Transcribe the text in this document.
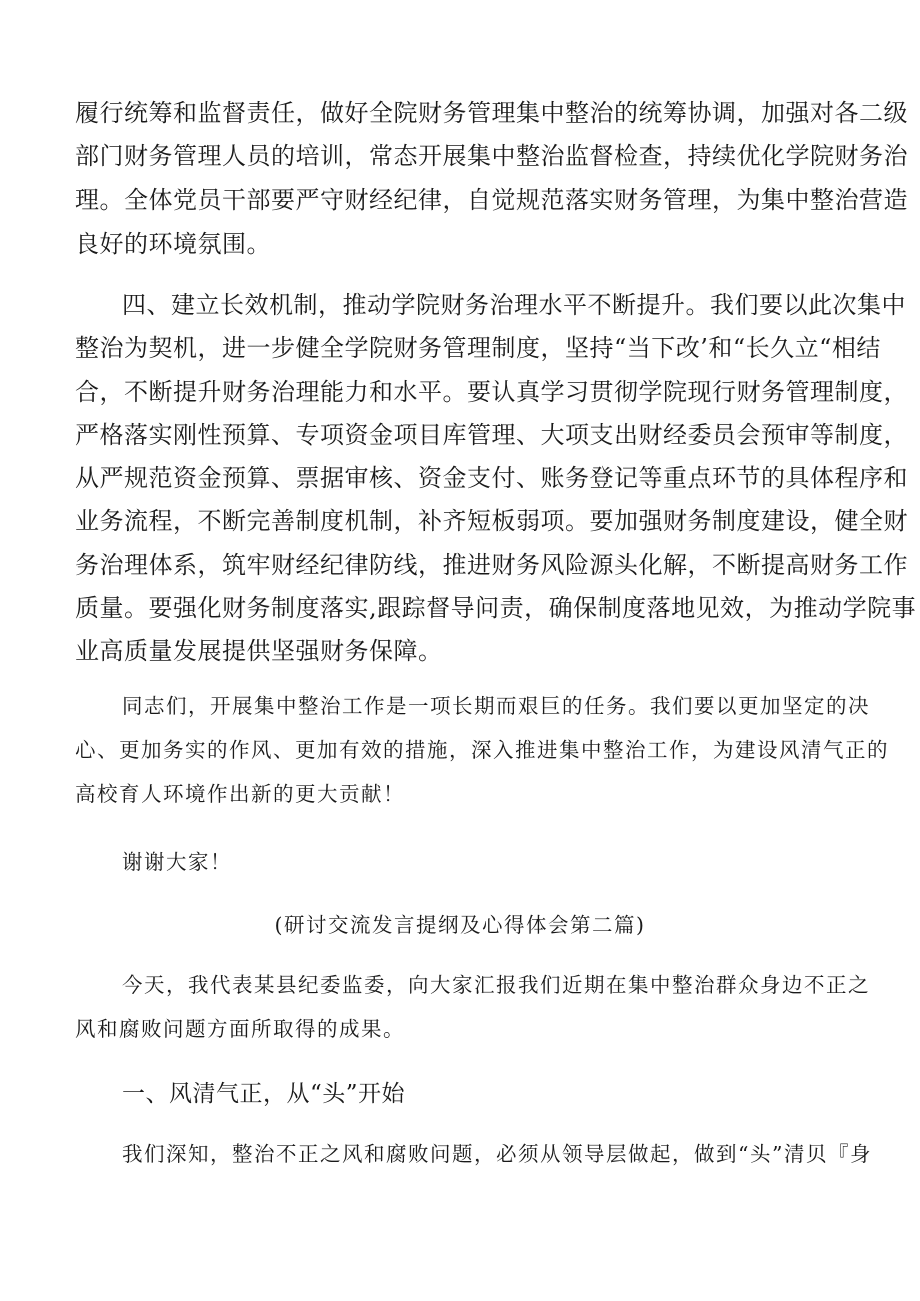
履行统筹和监督责任，做好全院财务管理集中整治的统筹协调，加强对各二级
部门财务管理人员的培训，常态开展集中整治监督检查，持续优化学院财务治
理。全体党员干部要严守财经纪律，自觉规范落实财务管理，为集中整治营造
良好的环境氛围。
四、建立长效机制，推动学院财务治理水平不断提升。我们要以此次集中
整治为契机，进一步健全学院财务管理制度，坚持“当下改’和“长久立“相结
合，不断提升财务治理能力和水平。要认真学习贯彻学院现行财务管理制度，
严格落实刚性预算、专项资金项目库管理、大项支出财经委员会预审等制度，
从严规范资金预算、票据审核、资金支付、账务登记等重点环节的具体程序和
业务流程，不断完善制度机制，补齐短板弱项。要加强财务制度建设，健全财
务治理体系，筑牢财经纪律防线，推进财务风险源头化解，不断提高财务工作
质量。要强化财务制度落实,跟踪督导问责，确保制度落地见效，为推动学院事
业高质量发展提供坚强财务保障。
同志们，开展集中整治工作是一项长期而艰巨的任务。我们要以更加坚定的决
心、更加务实的作风、更加有效的措施，深入推进集中整治工作，为建设风清气正的
高校育人环境作出新的更大贡献！
谢谢大家！
(研讨交流发言提纲及心得体会第二篇)
今天，我代表某县纪委监委，向大家汇报我们近期在集中整治群众身边不正之
风和腐败问题方面所取得的成果。
一、风清气正，从“头”开始
我们深知，整治不正之风和腐败问题，必须从领导层做起，做到“头”清贝『身
